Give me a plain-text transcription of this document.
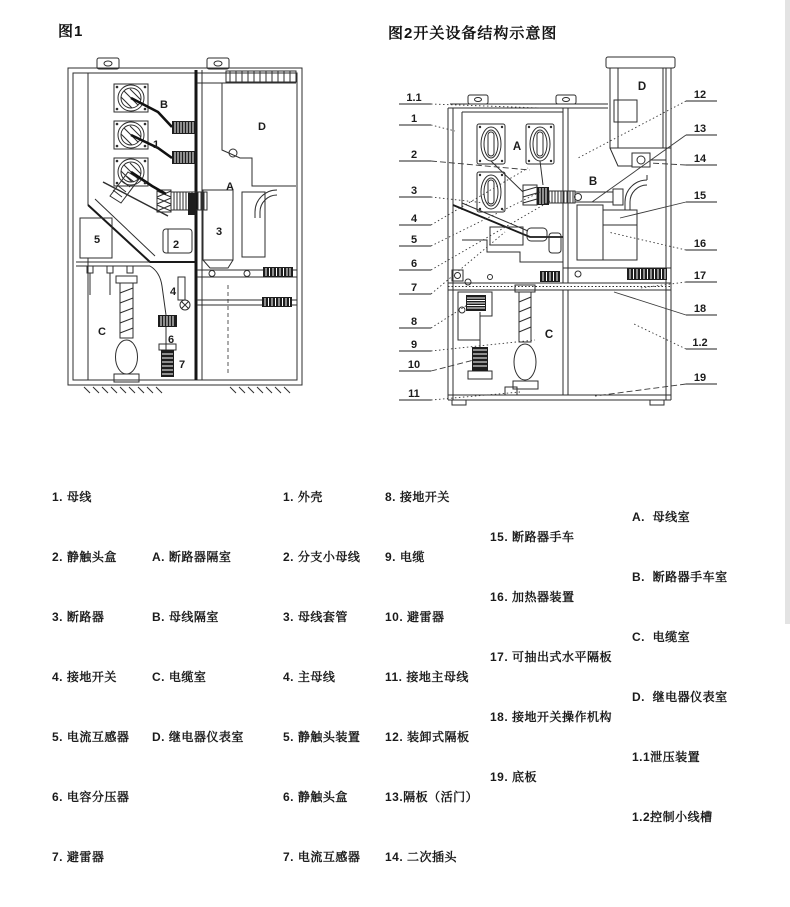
图1	图2开关设备结构示意图
B
1
D
A
3
2
5
4
C
6
7
1.1
1
2
3
4
5
6
7
8
9
10
11
12
13
14
15
16
17
18
1.2
19
A
B
C
D

1. 母线

2. 静触头盒

3. 断路器

4. 接地开关

5. 电流互感器

6. 电容分压器

7. 避雷器

A. 断路器隔室

B. 母线隔室

C. 电缆室

D. 继电器仪表室

1. 外壳

2. 分支小母线

3. 母线套管

4. 主母线

5. 静触头装置

6. 静触头盒

7. 电流互感器

8. 接地开关

9. 电缆

10. 避雷器

11. 接地主母线

12. 装卸式隔板

13.隔板（活门）

14. 二次插头

15. 断路器手车

16. 加热器装置

17. 可抽出式水平隔板

18. 接地开关操作机构

19. 底板

A.  母线室

B.  断路器手车室

C.  电缆室

D.  继电器仪表室

1.1泄压装置

1.2控制小线槽
